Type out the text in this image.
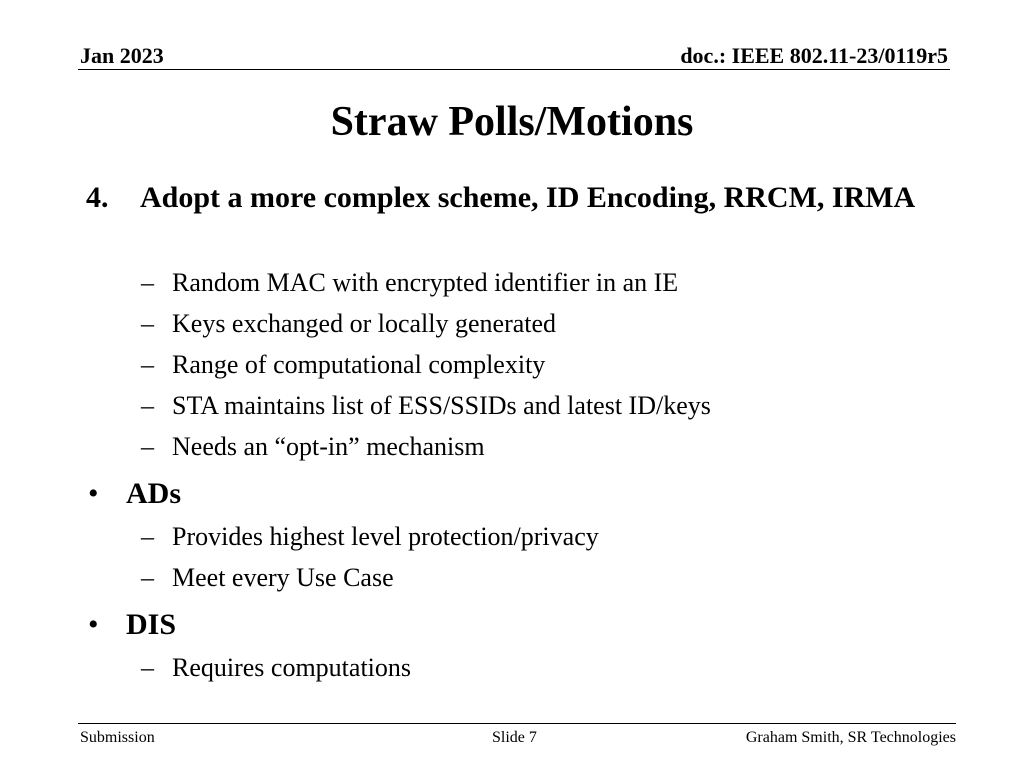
Jan 2023	doc.: IEEE 802.11-23/0119r5
Straw Polls/Motions
4. Adopt a more complex scheme, ID Encoding, RRCM, IRMA
– Random MAC with encrypted identifier in an IE
– Keys exchanged or locally generated
– Range of computational complexity
– STA maintains list of ESS/SSIDs and latest ID/keys
– Needs an “opt-in” mechanism
• ADs
– Provides highest level protection/privacy
– Meet every Use Case
• DIS
– Requires computations
Submission	Slide 7	Graham Smith, SR Technologies
